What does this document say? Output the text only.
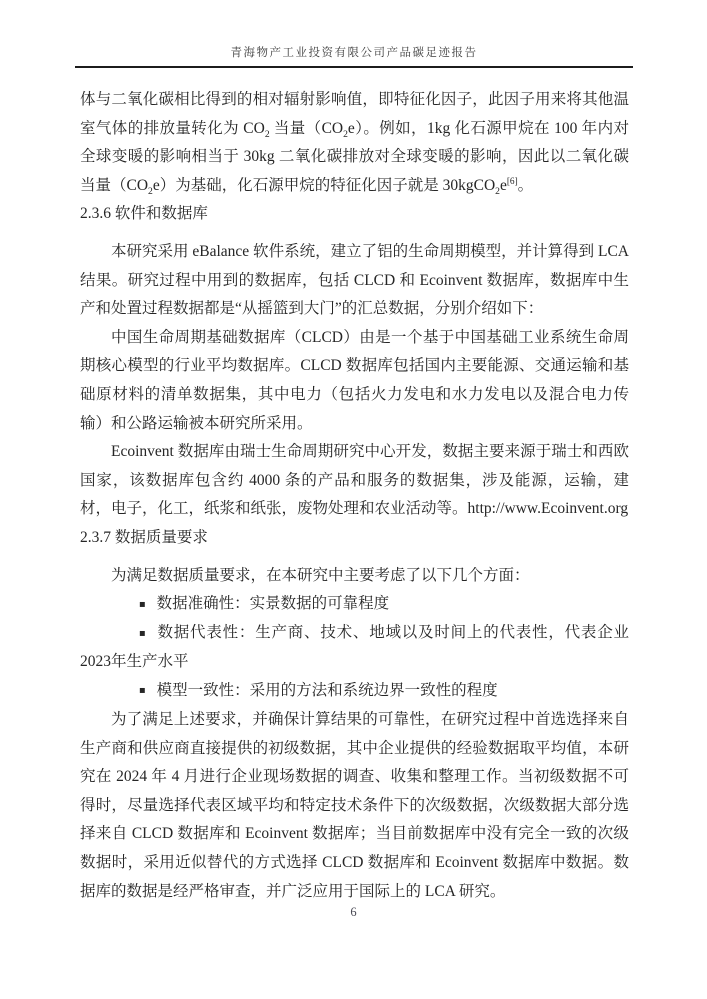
青海物产工业投资有限公司产品碳足迹报告

体与二氧化碳相比得到的相对辐射影响值，即特征化因子，此因子用来将其他温室气体的排放量转化为 $CO_2$ 当量$(CO_2e)$。例如，1kg 化石源甲烷在 100 年内对全球变暖的影响相当于 30kg 二氧化碳排放对全球变暖的影响，因此以二氧化碳当量$(CO_2e)$为基础，化石源甲烷的特征化因子就是 30kgCO$_2$e[6]。

2.3.6 软件和数据库

本研究采用 eBalance 软件系统，建立了铝的生命周期模型，并计算得到 LCA 结果。研究过程中用到的数据库，包括 CLCD 和 Ecoinvent 数据库，数据库中生产和处置过程数据都是“从摇篮到大门”的汇总数据，分别介绍如下：

中国生命周期基础数据库（CLCD）由是一个基于中国基础工业系统生命周期核心模型的行业平均数据库。CLCD 数据库包括国内主要能源、交通运输和基础原材料的清单数据集，其中电力（包括火力发电和水力发电以及混合电力传输）和公路运输被本研究所采用。

Ecoinvent 数据库由瑞士生命周期研究中心开发，数据主要来源于瑞士和西欧国家，该数据库包含约 4000 条的产品和服务的数据集，涉及能源，运输，建材，电子，化工，纸浆和纸张，废物处理和农业活动等。http://www.Ecoinvent.org

2.3.7 数据质量要求

为满足数据质量要求，在本研究中主要考虑了以下几个方面：

▪ 数据准确性：实景数据的可靠程度

▪ 数据代表性：生产商、技术、地域以及时间上的代表性，代表企业2023年生产水平

▪ 模型一致性：采用的方法和系统边界一致性的程度

为了满足上述要求，并确保计算结果的可靠性，在研究过程中首选选择来自生产商和供应商直接提供的初级数据，其中企业提供的经验数据取平均值，本研究在 2024 年 4 月进行企业现场数据的调查、收集和整理工作。当初级数据不可得时，尽量选择代表区域平均和特定技术条件下的次级数据，次级数据大部分选择来自 CLCD 数据库和 Ecoinvent 数据库；当目前数据库中没有完全一致的次级数据时，采用近似替代的方式选择 CLCD 数据库和 Ecoinvent 数据库中数据。数据库的数据是经严格审查，并广泛应用于国际上的 LCA 研究。

6
